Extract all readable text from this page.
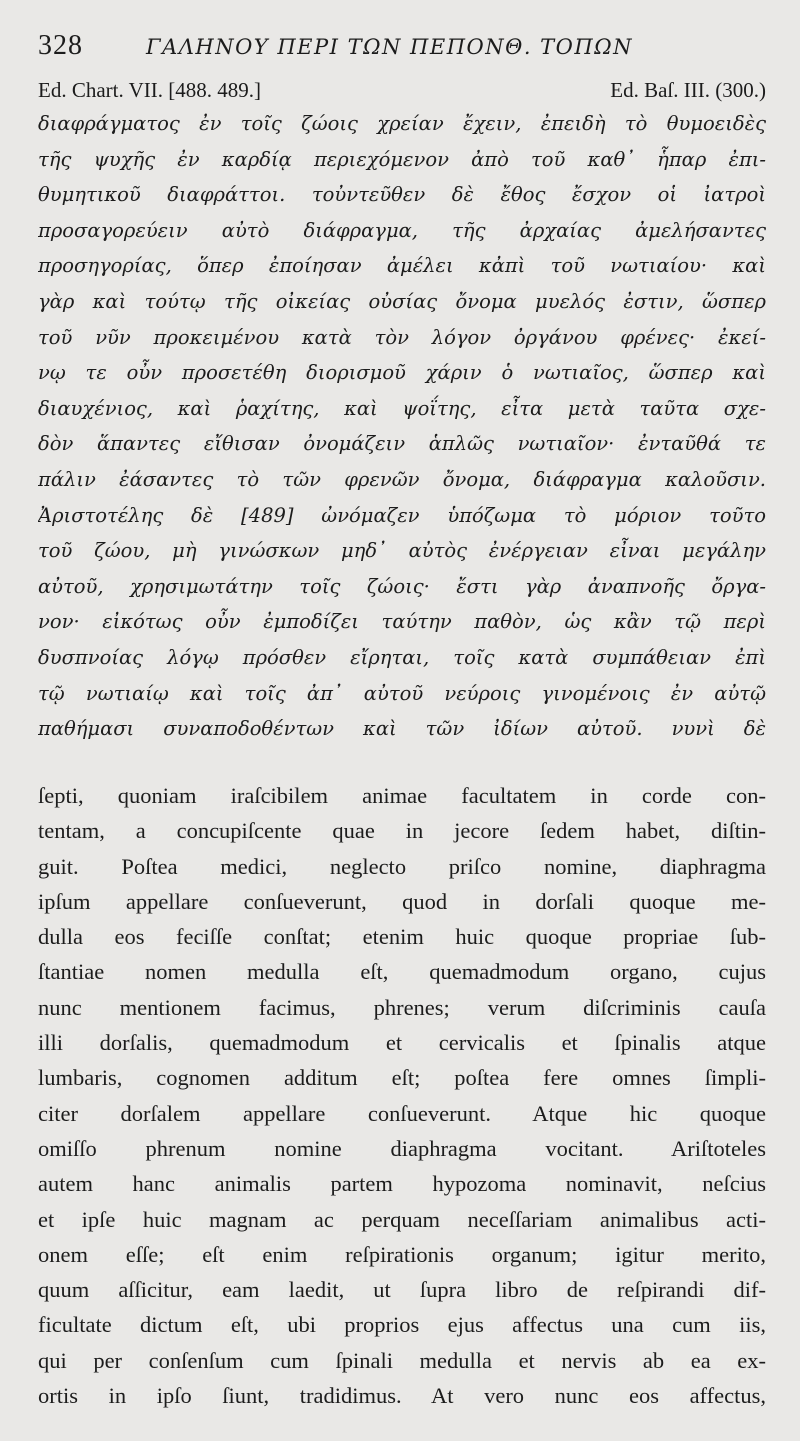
328	ΓΑΛΗΝΟΥ ΠΕΡΙ ΤΩΝ ΠΕΠΟΝΘ. ΤΟΠΩΝ
Ed. Chart. VII. [488. 489.]	Ed. Baſ. III. (300.)
διαφράγματος ἐν τοῖς ζώοις χρείαν ἔχειν, ἐπειδὴ τὸ θυμοειδὲς
τῆς ψυχῆς ἐν καρδίᾳ περιεχόμενον ἀπὸ τοῦ καθ᾽ ἧπαρ ἐπι-
θυμητικοῦ διαφράττοι. τοὐντεῦθεν δὲ ἔθος ἔσχον οἱ ἰατροὶ
προσαγορεύειν αὐτὸ διάφραγμα, τῆς ἀρχαίας ἀμελήσαντες
προσηγορίας, ὅπερ ἐποίησαν ἀμέλει κἀπὶ τοῦ νωτιαίου· καὶ
γὰρ καὶ τούτῳ τῆς οἰκείας οὐσίας ὄνομα μυελός ἐστιν, ὥσπερ
τοῦ νῦν προκειμένου κατὰ τὸν λόγον ὀργάνου φρένες· ἐκεί-
νῳ τε οὖν προσετέθη διορισμοῦ χάριν ὁ νωτιαῖος, ὥσπερ καὶ
διαυχένιος, καὶ ῥαχίτης, καὶ ψοΐτης, εἶτα μετὰ ταῦτα σχε-
δὸν ἅπαντες εἴθισαν ὀνομάζειν ἁπλῶς νωτιαῖον· ἐνταῦθά τε
πάλιν ἐάσαντες τὸ τῶν φρενῶν ὄνομα, διάφραγμα καλοῦσιν.
Ἀριστοτέλης δὲ [489] ὠνόμαζεν ὑπόζωμα τὸ μόριον τοῦτο
τοῦ ζώου, μὴ γινώσκων μηδ᾽ αὐτὸς ἐνέργειαν εἶναι μεγάλην
αὐτοῦ, χρησιμωτάτην τοῖς ζώοις· ἔστι γὰρ ἀναπνοῆς ὄργα-
νον· εἰκότως οὖν ἐμποδίζει ταύτην παθὸν, ὡς κἂν τῷ περὶ
δυσπνοίας λόγῳ πρόσθεν εἴρηται, τοῖς κατὰ συμπάθειαν ἐπὶ
τῷ νωτιαίῳ καὶ τοῖς ἀπ᾽ αὐτοῦ νεύροις γινομένοις ἐν αὐτῷ
παθήμασι συναποδοθέντων καὶ τῶν ἰδίων αὐτοῦ. νυνὶ δὲ
ſepti, quoniam iraſcibilem animae facultatem in corde con-
tentam, a concupiſcente quae in jecore ſedem habet, diſtin-
guit. Poſtea medici, neglecto priſco nomine, diaphragma
ipſum appellare conſueverunt, quod in dorſali quoque me-
dulla eos feciſſe conſtat; etenim huic quoque propriae ſub-
ſtantiae nomen medulla eſt, quemadmodum organo, cujus
nunc mentionem facimus, phrenes; verum diſcriminis cauſa
illi dorſalis, quemadmodum et cervicalis et ſpinalis atque
lumbaris, cognomen additum eſt; poſtea fere omnes ſimpli-
citer dorſalem appellare conſueverunt. Atque hic quoque
omiſſo phrenum nomine diaphragma vocitant. Ariſtoteles
autem hanc animalis partem hypozoma nominavit, neſcius
et ipſe huic magnam ac perquam neceſſariam animalibus acti-
onem eſſe; eſt enim reſpirationis organum; igitur merito,
quum aſſicitur, eam laedit, ut ſupra libro de reſpirandi dif-
ficultate dictum eſt, ubi proprios ejus affectus una cum iis,
qui per conſenſum cum ſpinali medulla et nervis ab ea ex-
ortis in ipſo ſiunt, tradidimus. At vero nunc eos affectus,
